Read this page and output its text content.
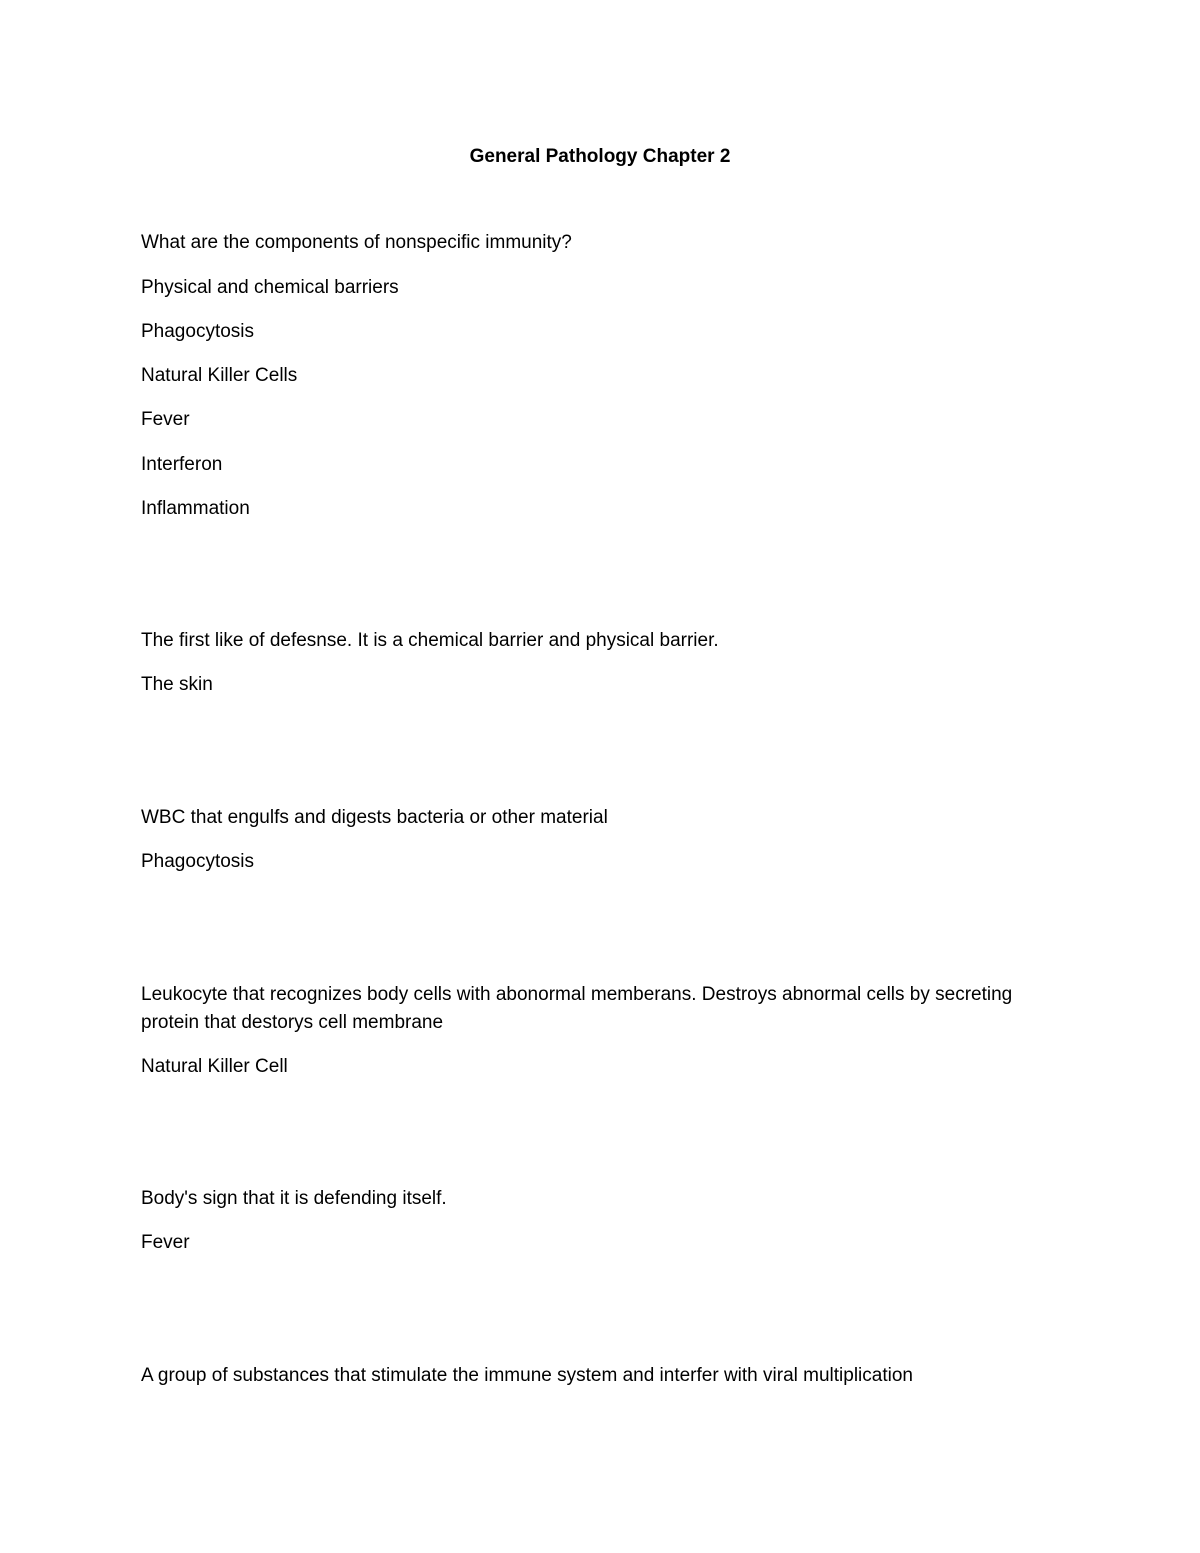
General Pathology Chapter 2
What are the components of nonspecific immunity?
Physical and chemical barriers
Phagocytosis
Natural Killer Cells
Fever
Interferon
Inflammation
The first like of defesnse. It is a chemical barrier and physical barrier.
The skin
WBC that engulfs and digests bacteria or other material
Phagocytosis
Leukocyte that recognizes body cells with abonormal memberans. Destroys abnormal cells by secreting
protein that destorys cell membrane
Natural Killer Cell
Body's sign that it is defending itself.
Fever
A group of substances that stimulate the immune system and interfer with viral multiplication
